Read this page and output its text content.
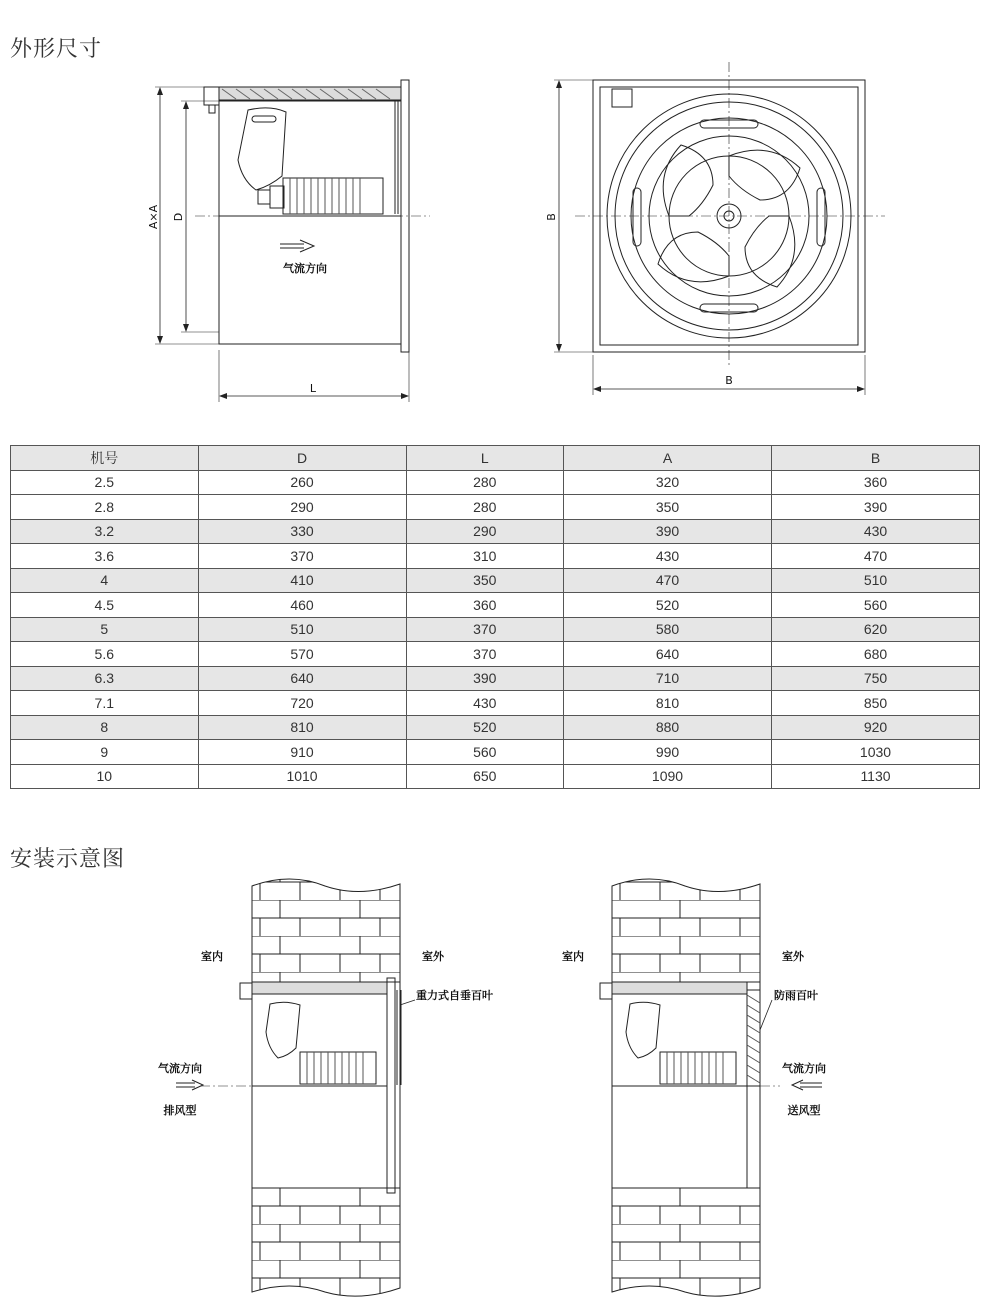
外形尺寸
A×A D
L
气流方向
B
B
机号	D	L	A	B
2.5	260	280	320	360
2.8	290	280	350	390
3.2	330	290	390	430
3.6	370	310	430	470
4	410	350	470	510
4.5	460	360	520	560
5	510	370	580	620
5.6	570	370	640	680
6.3	640	390	710	750
7.1	720	430	810	850
8	810	520	880	920
9	910	560	990	1030
10	1010	650	1090	1130
安装示意图
室内	室外
重力式自垂百叶
气流方向
排风型
室内	室外
防雨百叶
气流方向
送风型
